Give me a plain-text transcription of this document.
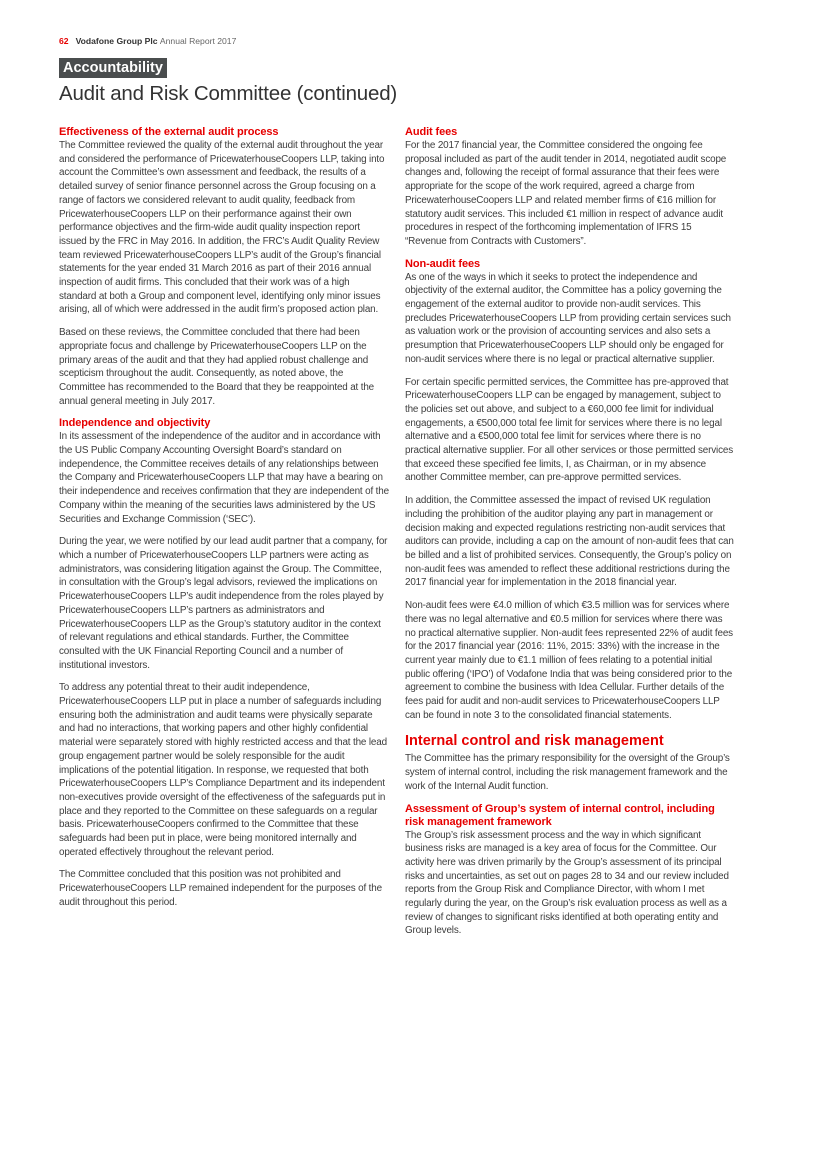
62 Vodafone Group Plc Annual Report 2017
Accountability
Audit and Risk Committee (continued)
Effectiveness of the external audit process

The Committee reviewed the quality of the external audit throughout the year and considered the performance of PricewaterhouseCoopers LLP, taking into account the Committee’s own assessment and feedback, the results of a detailed survey of senior finance personnel across the Group focusing on a range of factors we considered relevant to audit quality, feedback from PricewaterhouseCoopers LLP on their performance against their own performance objectives and the firm-wide audit quality inspection report issued by the FRC in May 2016. In addition, the FRC’s Audit Quality Review team reviewed PricewaterhouseCoopers LLP’s audit of the Group’s financial statements for the year ended 31 March 2016 as part of their 2016 annual inspection of audit firms. This concluded that their work was of a high standard at both a Group and component level, identifying only minor issues arising, all of which were addressed in the audit firm’s proposed action plan.

Based on these reviews, the Committee concluded that there had been appropriate focus and challenge by PricewaterhouseCoopers LLP on the primary areas of the audit and that they had applied robust challenge and scepticism throughout the audit. Consequently, as noted above, the Committee has recommended to the Board that they be reappointed at the annual general meeting in July 2017.

Independence and objectivity

In its assessment of the independence of the auditor and in accordance with the US Public Company Accounting Oversight Board’s standard on independence, the Committee receives details of any relationships between the Company and PricewaterhouseCoopers LLP that may have a bearing on their independence and receives confirmation that they are independent of the Company within the meaning of the securities laws administered by the US Securities and Exchange Commission (‘SEC’).

During the year, we were notified by our lead audit partner that a company, for which a number of PricewaterhouseCoopers LLP partners were acting as administrators, was considering litigation against the Group. The Committee, in consultation with the Group’s legal advisors, reviewed the implications on PricewaterhouseCoopers LLP’s audit independence from the roles played by PricewaterhouseCoopers LLP’s partners as administrators and PricewaterhouseCoopers LLP as the Group’s statutory auditor in the context of relevant regulations and ethical standards. Further, the Committee consulted with the UK Financial Reporting Council and a number of institutional investors.

To address any potential threat to their audit independence, PricewaterhouseCoopers LLP put in place a number of safeguards including ensuring both the administration and audit teams were physically separate and had no interactions, that working papers and other highly confidential material were separately stored with highly restricted access and that the lead group engagement partner would be solely responsible for the audit implications of the potential litigation. In response, we requested that both PricewaterhouseCoopers LLP’s Compliance Department and its independent non-executives provide oversight of the effectiveness of the safeguards put in place and they reported to the Committee on these safeguards on a regular basis. PricewaterhouseCoopers confirmed to the Committee that these safeguards had been put in place, were being monitored internally and operated effectively throughout the relevant period.

The Committee concluded that this position was not prohibited and PricewaterhouseCoopers LLP remained independent for the purposes of the audit throughout this period.

Audit fees

For the 2017 financial year, the Committee considered the ongoing fee proposal included as part of the audit tender in 2014, negotiated audit scope changes and, following the receipt of formal assurance that their fees were appropriate for the scope of the work required, agreed a charge from PricewaterhouseCoopers LLP and related member firms of €16 million for statutory audit services. This included €1 million in respect of advance audit procedures in respect of the forthcoming implementation of IFRS 15 “Revenue from Contracts with Customers”.

Non-audit fees

As one of the ways in which it seeks to protect the independence and objectivity of the external auditor, the Committee has a policy governing the engagement of the external auditor to provide non-audit services. This precludes PricewaterhouseCoopers LLP from providing certain services such as valuation work or the provision of accounting services and also sets a presumption that PricewaterhouseCoopers LLP should only be engaged for non-audit services where there is no legal or practical alternative supplier.

For certain specific permitted services, the Committee has pre-approved that PricewaterhouseCoopers LLP can be engaged by management, subject to the policies set out above, and subject to a €60,000 fee limit for individual engagements, a €500,000 total fee limit for services where there is no legal alternative and a €500,000 total fee limit for services where there is no practical alternative supplier. For all other services or those permitted services that exceed these specified fee limits, I, as Chairman, or in my absence another Committee member, can pre-approve permitted services.

In addition, the Committee assessed the impact of revised UK regulation including the prohibition of the auditor playing any part in management or decision making and expected regulations restricting non-audit services that auditors can provide, including a cap on the amount of non-audit fees that can be billed and a list of prohibited services. Consequently, the Group’s policy on non-audit fees was amended to reflect these additional restrictions during the 2017 financial year for implementation in the 2018 financial year.

Non-audit fees were €4.0 million of which €3.5 million was for services where there was no legal alternative and €0.5 million for services where there was no practical alternative supplier. Non-audit fees represented 22% of audit fees for the 2017 financial year (2016: 11%, 2015: 33%) with the increase in the current year mainly due to €1.1 million of fees relating to a potential initial public offering (‘IPO’) of Vodafone India that was being considered prior to the agreement to combine the business with Idea Cellular. Further details of the fees paid for audit and non-audit services to PricewaterhouseCoopers LLP can be found in note 3 to the consolidated financial statements.

Internal control and risk management

The Committee has the primary responsibility for the oversight of the Group’s system of internal control, including the risk management framework and the work of the Internal Audit function.

Assessment of Group’s system of internal control, including risk management framework

The Group’s risk assessment process and the way in which significant business risks are managed is a key area of focus for the Committee. Our activity here was driven primarily by the Group’s assessment of its principal risks and uncertainties, as set out on pages 28 to 34 and our review included reports from the Group Risk and Compliance Director, with whom I met regularly during the year, on the Group’s risk evaluation process as well as a review of changes to significant risks identified at both operating entity and Group levels.
